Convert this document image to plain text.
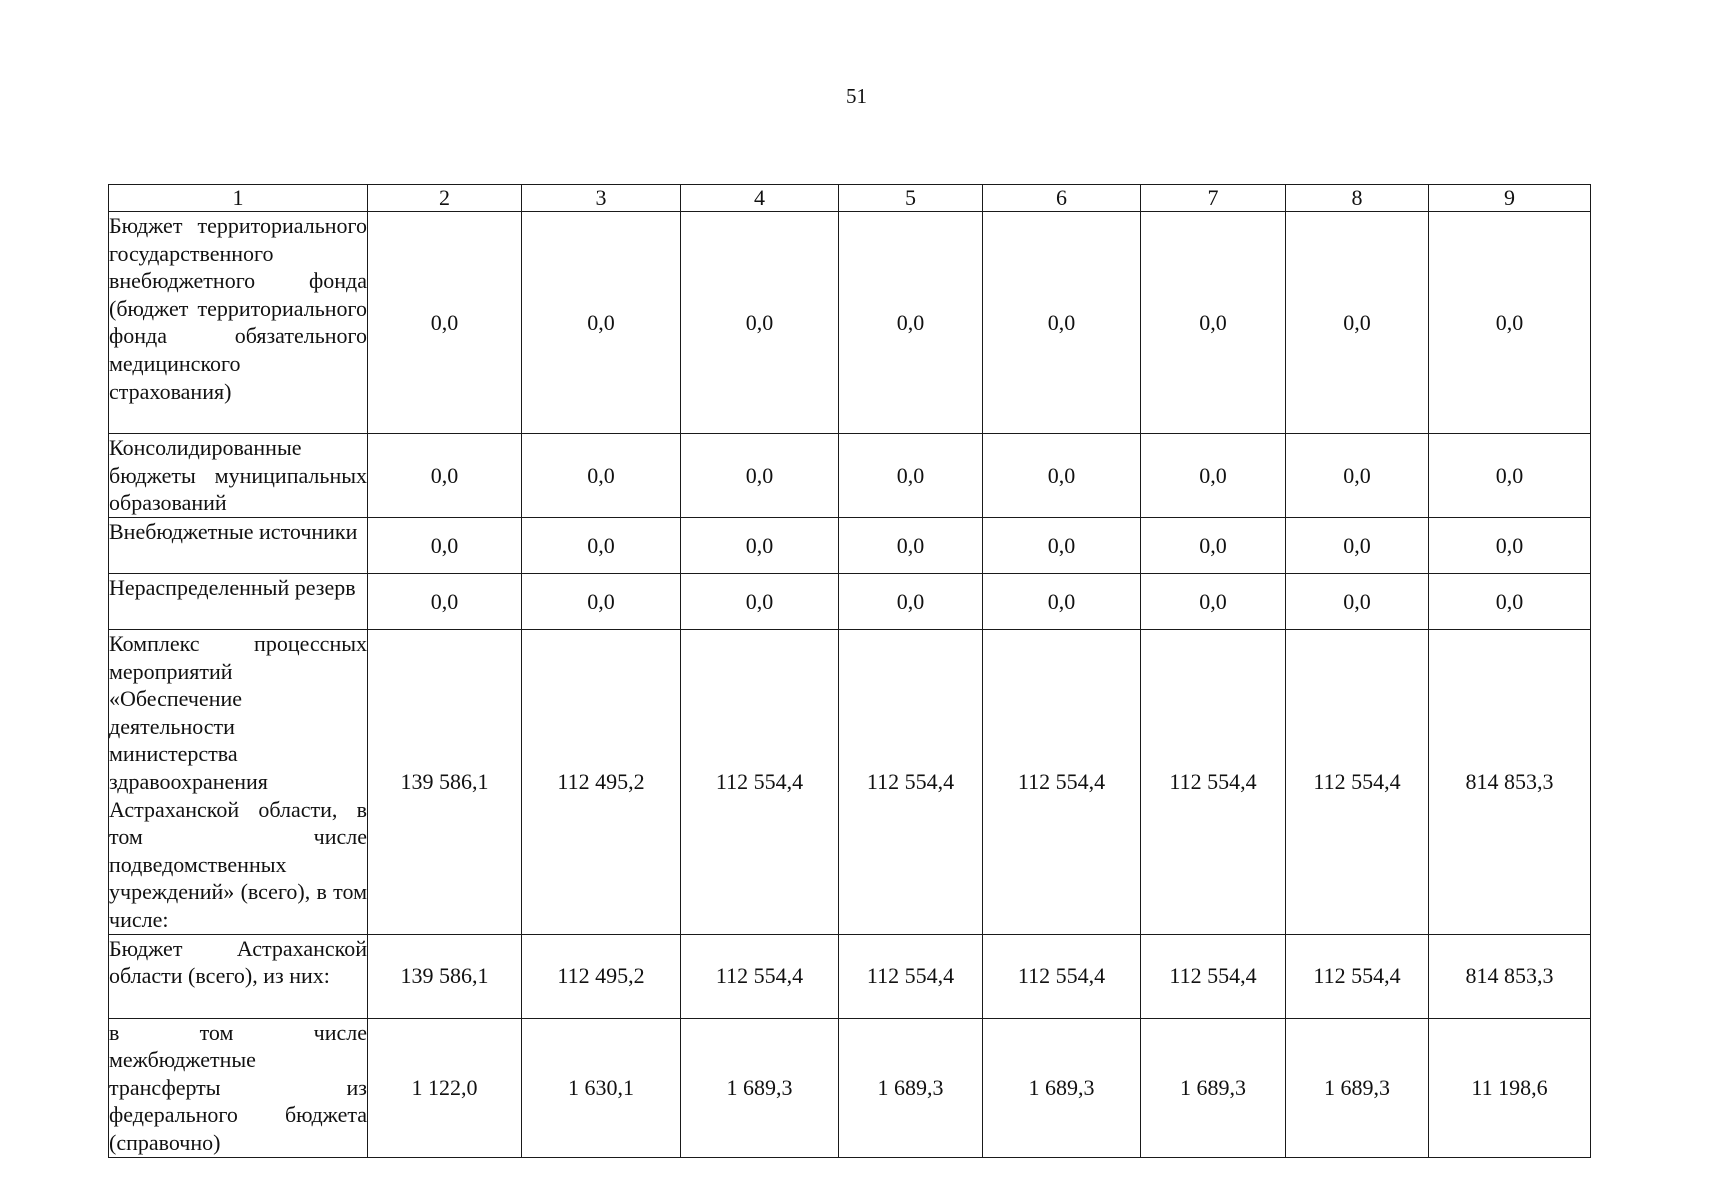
51
1	2	3	4	5	6	7	8	9
Бюджет территориального государственного внебюджетного фонда (бюджет территориального фонда обязательного медицинского страхования)	0,0	0,0	0,0	0,0	0,0	0,0	0,0	0,0
Консолидированные бюджеты муниципальных образований	0,0	0,0	0,0	0,0	0,0	0,0	0,0	0,0
Внебюджетные источники	0,0	0,0	0,0	0,0	0,0	0,0	0,0	0,0
Нераспределенный резерв	0,0	0,0	0,0	0,0	0,0	0,0	0,0	0,0
Комплекс процессных мероприятий «Обеспечение деятельности министерства здравоохранения Астраханской области, в том числе подведомственных учреждений» (всего), в том числе:	139 586,1	112 495,2	112 554,4	112 554,4	112 554,4	112 554,4	112 554,4	814 853,3
Бюджет Астраханской области (всего), из них:	139 586,1	112 495,2	112 554,4	112 554,4	112 554,4	112 554,4	112 554,4	814 853,3
в том числе межбюджетные трансферты из федерального бюджета (справочно)	1 122,0	1 630,1	1 689,3	1 689,3	1 689,3	1 689,3	1 689,3	11 198,6
